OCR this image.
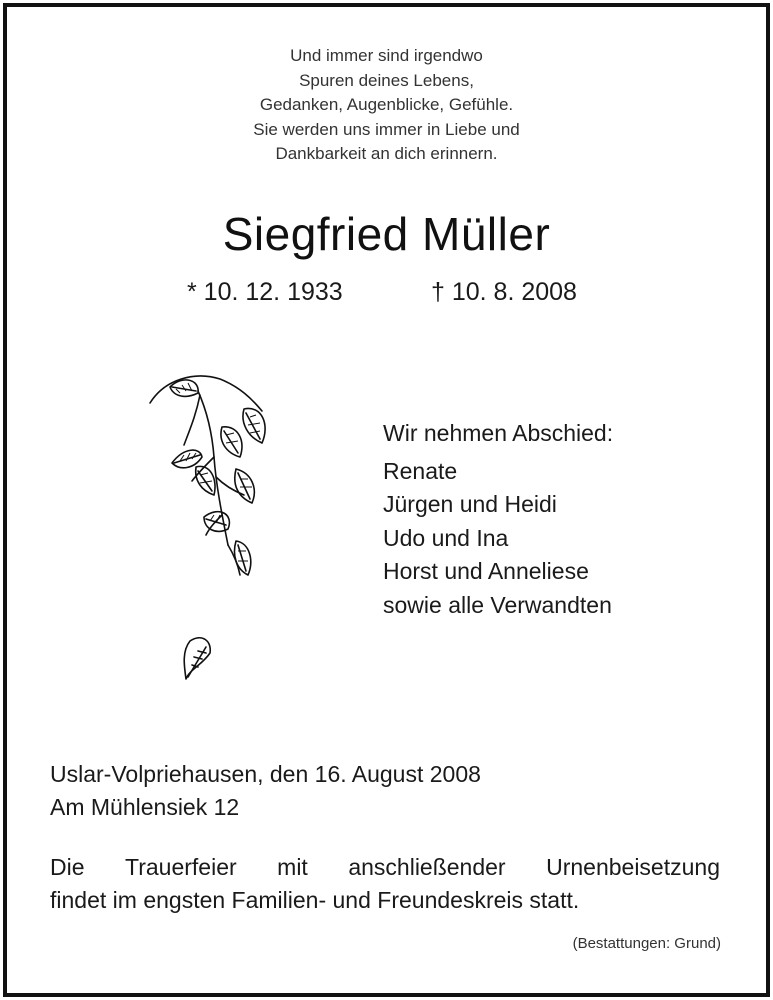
Und immer sind irgendwo
Spuren deines Lebens,
Gedanken, Augenblicke, Gefühle.
Sie werden uns immer in Liebe und
Dankbarkeit an dich erinnern.
Siegfried Müller
* 10. 12. 1933	† 10. 8. 2008
Wir nehmen Abschied:
Renate
Jürgen und Heidi
Udo und Ina
Horst und Anneliese
sowie alle Verwandten
Uslar-Volpriehausen, den 16. August 2008
Am Mühlensiek 12
Die Trauerfeier mit anschließender Urnenbeisetzung
findet im engsten Familien- und Freundeskreis statt.
(Bestattungen: Grund)
